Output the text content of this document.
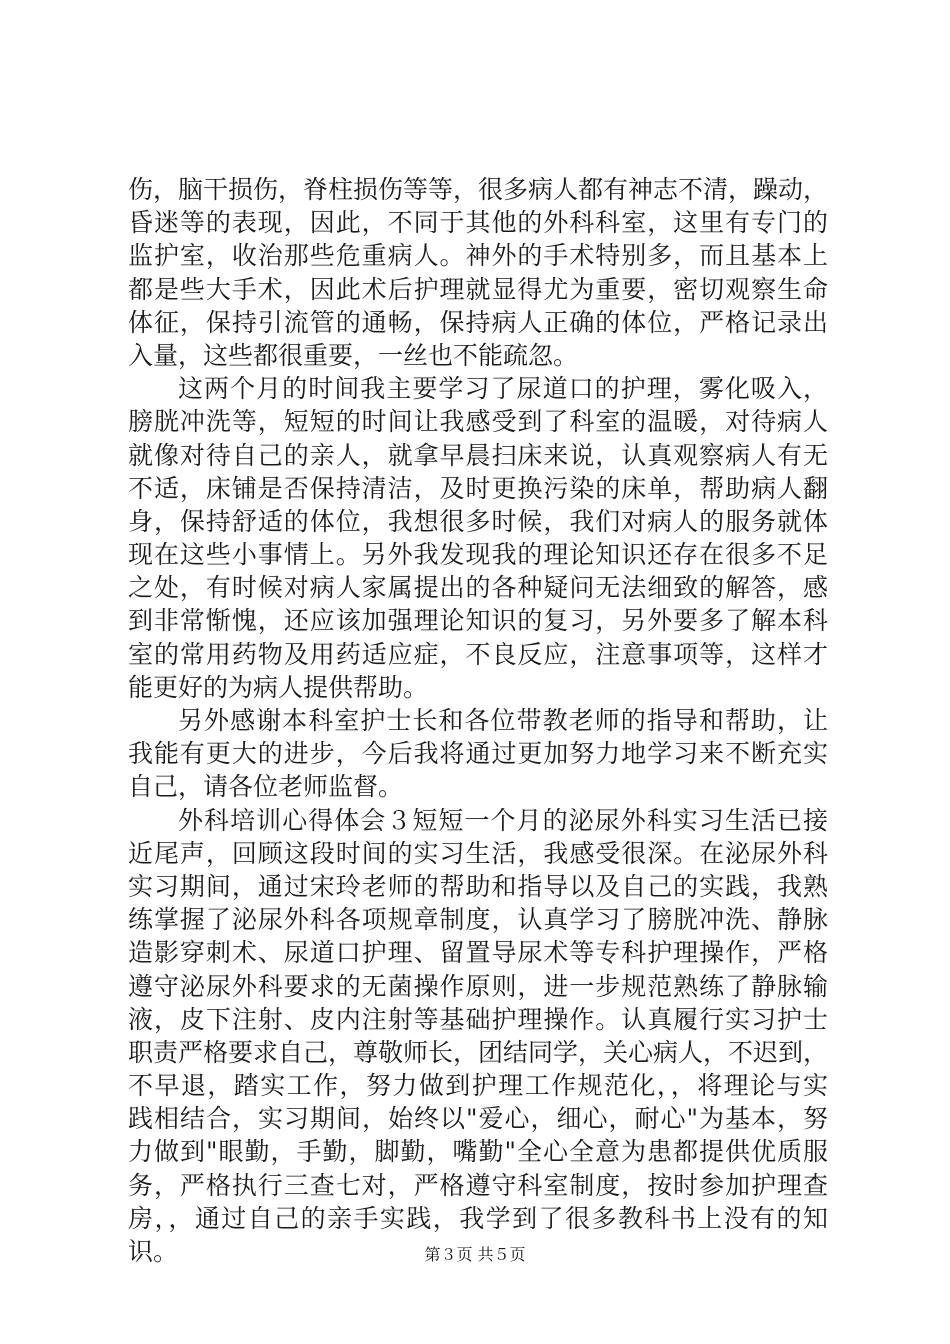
伤，脑干损伤，脊柱损伤等等，很多病人都有神志不清，躁动，
昏迷等的表现，因此，不同于其他的外科科室，这里有专门的
监护室，收治那些危重病人。神外的手术特别多，而且基本上
都是些大手术，因此术后护理就显得尤为重要，密切观察生命
体征，保持引流管的通畅，保持病人正确的体位，严格记录出
入量，这些都很重要，一丝也不能疏忽。
这两个月的时间我主要学习了尿道口的护理，雾化吸入，
膀胱冲洗等，短短的时间让我感受到了科室的温暖，对待病人
就像对待自己的亲人，就拿早晨扫床来说，认真观察病人有无
不适，床铺是否保持清洁，及时更换污染的床单，帮助病人翻
身，保持舒适的体位，我想很多时候，我们对病人的服务就体
现在这些小事情上。另外我发现我的理论知识还存在很多不足
之处，有时候对病人家属提出的各种疑问无法细致的解答，感
到非常惭愧，还应该加强理论知识的复习，另外要多了解本科
室的常用药物及用药适应症，不良反应，注意事项等，这样才
能更好的为病人提供帮助。
另外感谢本科室护士长和各位带教老师的指导和帮助，让
我能有更大的进步，今后我将通过更加努力地学习来不断充实
自己，请各位老师监督。
外科培训心得体会３短短一个月的泌尿外科实习生活已接
近尾声，回顾这段时间的实习生活，我感受很深。在泌尿外科
实习期间，通过宋玲老师的帮助和指导以及自己的实践，我熟
练掌握了泌尿外科各项规章制度，认真学习了膀胱冲洗、静脉
造影穿刺术、尿道口护理、留置导尿术等专科护理操作，严格
遵守泌尿外科要求的无菌操作原则，进一步规范熟练了静脉输
液，皮下注射、皮内注射等基础护理操作。认真履行实习护士
职责严格要求自己，尊敬师长，团结同学，关心病人，不迟到，
不早退，踏实工作，努力做到护理工作规范化，，将理论与实
践相结合，实习期间，始终以"爱心，细心，耐心"为基本，努
力做到"眼勤，手勤，脚勤，嘴勤"全心全意为患都提供优质服
务，严格执行三查七对，严格遵守科室制度，按时参加护理查
房，，通过自己的亲手实践，我学到了很多教科书上没有的知
识。	第３页 共５页
